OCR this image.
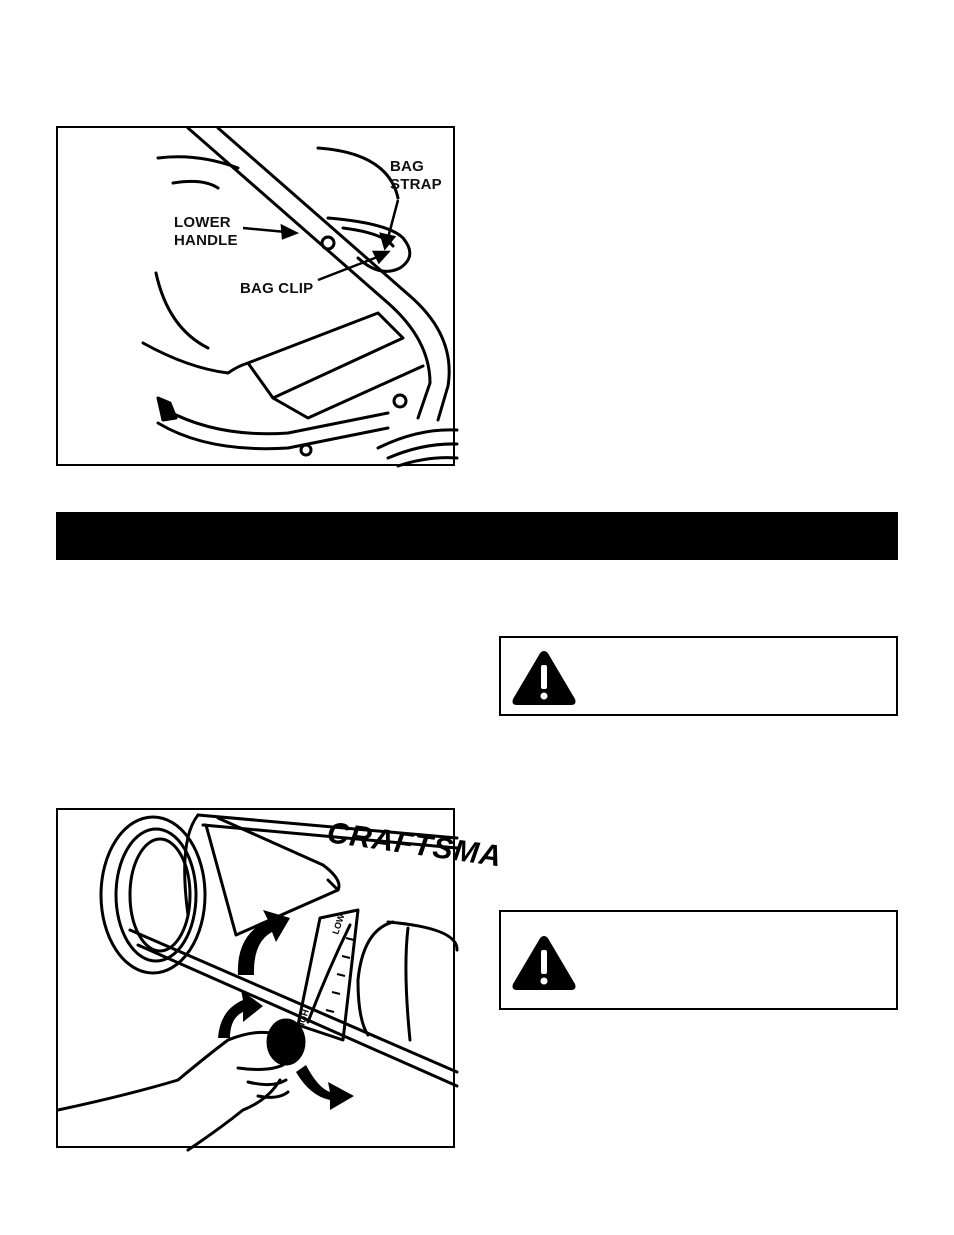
BAG
STRAP
LOWER
HANDLE
BAG CLIP
CRAFTSMA
LOW
HIGH
